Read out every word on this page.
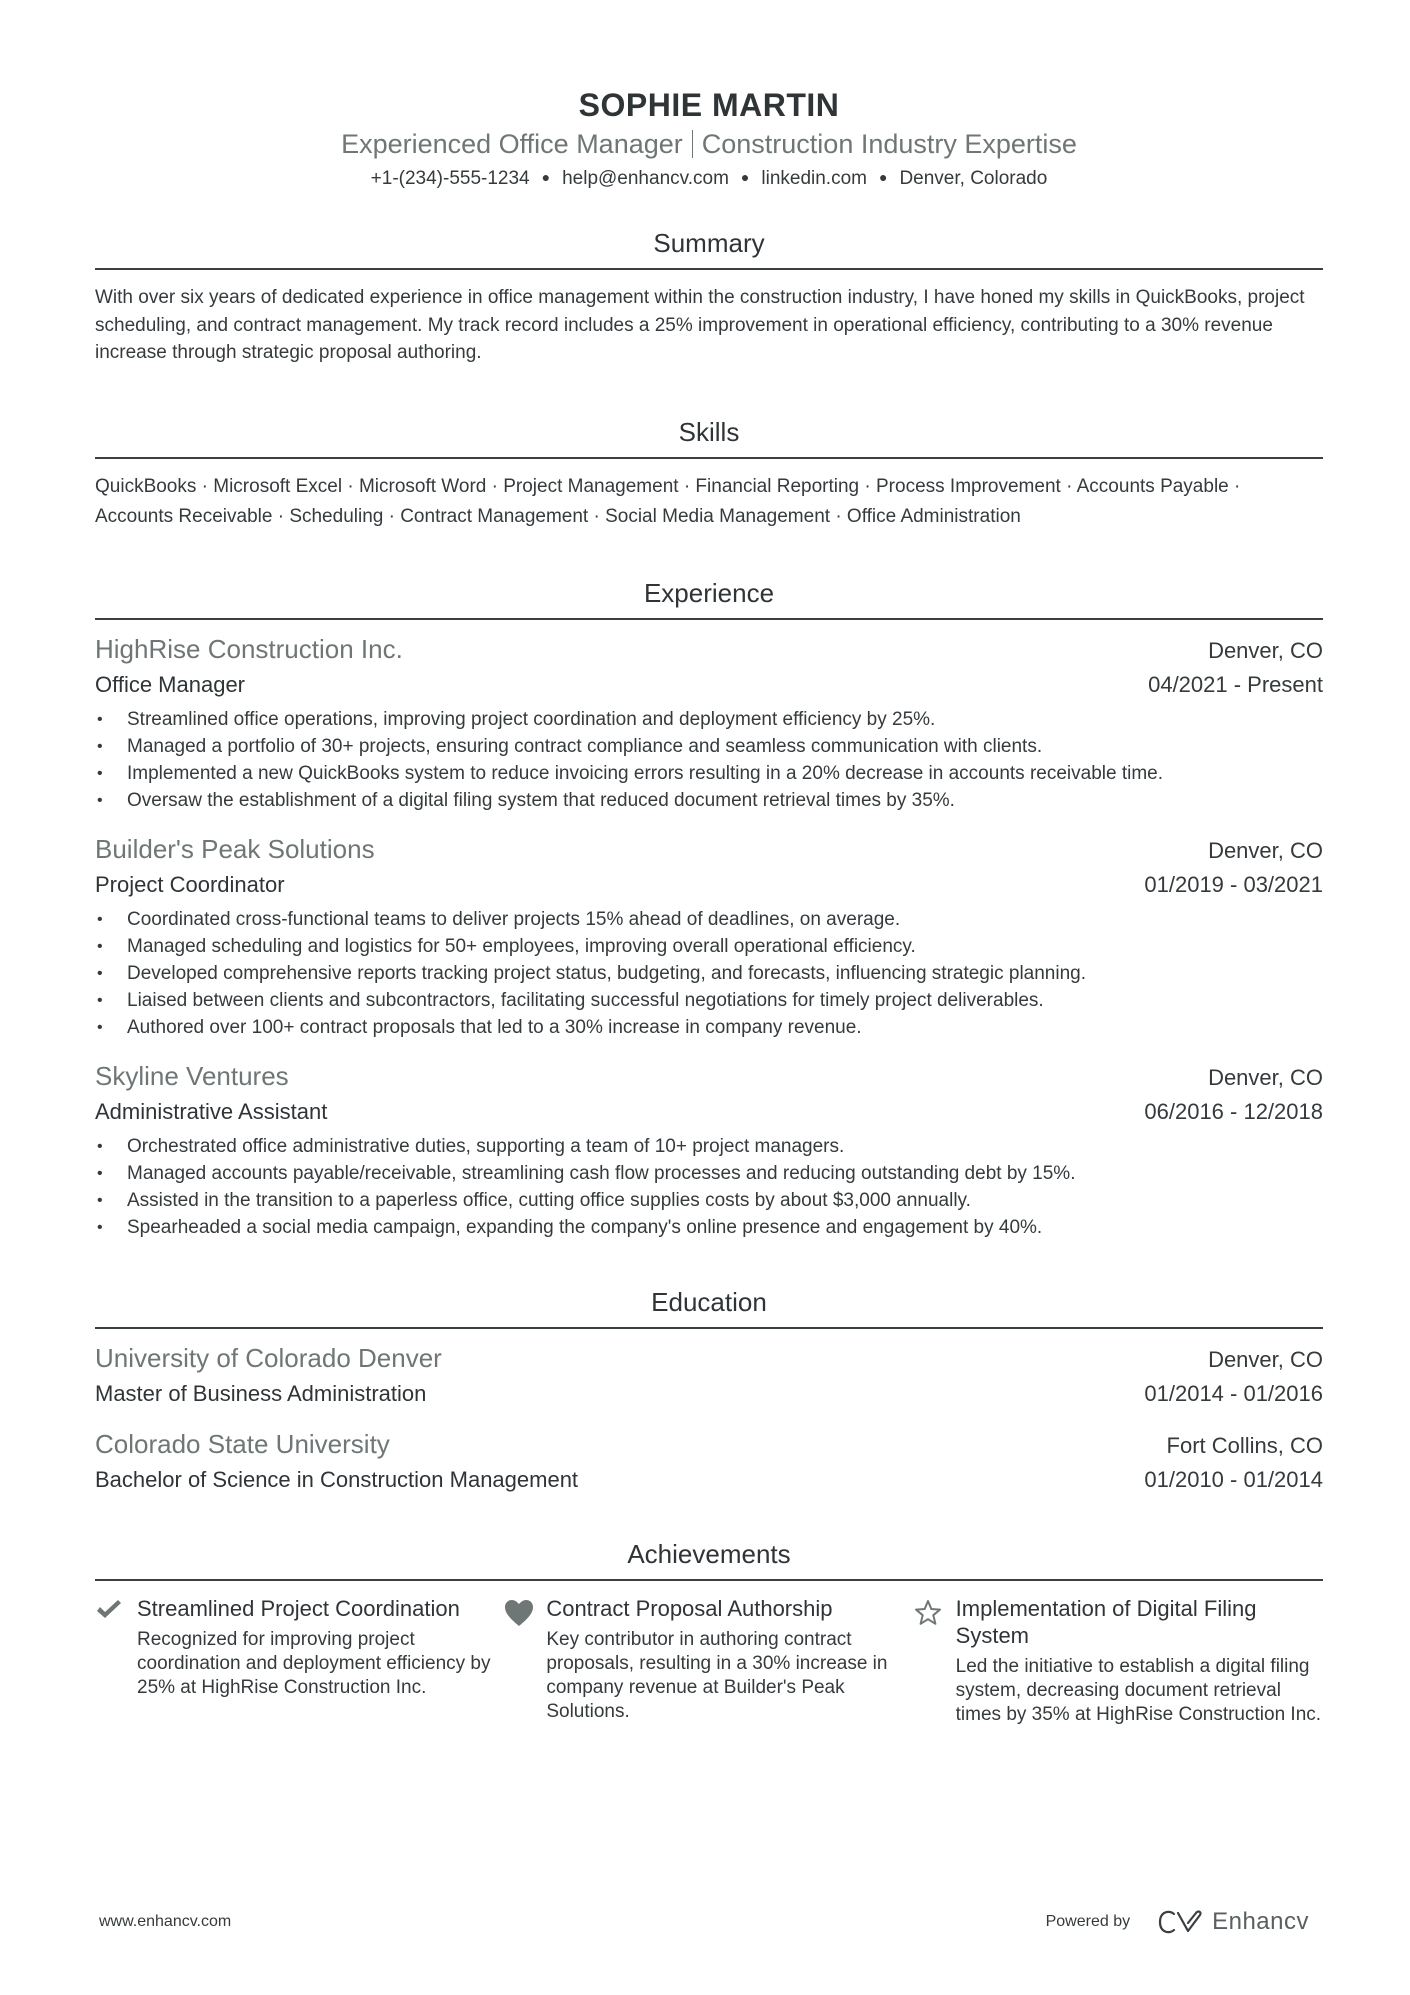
SOPHIE MARTIN
Experienced Office Manager Construction Industry Expertise
+1-(234)-555-1234 ● help@enhancv.com ● linkedin.com ● Denver, Colorado
Summary
With over six years of dedicated experience in office management within the construction industry, I have honed my skills in QuickBooks, project scheduling, and contract management. My track record includes a 25% improvement in operational efficiency, contributing to a 30% revenue increase through strategic proposal authoring.
Skills
QuickBooks · Microsoft Excel · Microsoft Word · Project Management · Financial Reporting · Process Improvement · Accounts Payable ·
Accounts Receivable · Scheduling · Contract Management · Social Media Management · Office Administration
Experience
HighRise Construction Inc.	Denver, CO
Office Manager	04/2021 - Present
• Streamlined office operations, improving project coordination and deployment efficiency by 25%.
• Managed a portfolio of 30+ projects, ensuring contract compliance and seamless communication with clients.
• Implemented a new QuickBooks system to reduce invoicing errors resulting in a 20% decrease in accounts receivable time.
• Oversaw the establishment of a digital filing system that reduced document retrieval times by 35%.
Builder's Peak Solutions	Denver, CO
Project Coordinator	01/2019 - 03/2021
• Coordinated cross-functional teams to deliver projects 15% ahead of deadlines, on average.
• Managed scheduling and logistics for 50+ employees, improving overall operational efficiency.
• Developed comprehensive reports tracking project status, budgeting, and forecasts, influencing strategic planning.
• Liaised between clients and subcontractors, facilitating successful negotiations for timely project deliverables.
• Authored over 100+ contract proposals that led to a 30% increase in company revenue.
Skyline Ventures	Denver, CO
Administrative Assistant	06/2016 - 12/2018
• Orchestrated office administrative duties, supporting a team of 10+ project managers.
• Managed accounts payable/receivable, streamlining cash flow processes and reducing outstanding debt by 15%.
• Assisted in the transition to a paperless office, cutting office supplies costs by about $3,000 annually.
• Spearheaded a social media campaign, expanding the company's online presence and engagement by 40%.
Education
University of Colorado Denver	Denver, CO
Master of Business Administration	01/2014 - 01/2016
Colorado State University	Fort Collins, CO
Bachelor of Science in Construction Management	01/2010 - 01/2014
Achievements
Streamlined Project Coordination
Recognized for improving project coordination and deployment efficiency by 25% at HighRise Construction Inc.
Contract Proposal Authorship
Key contributor in authoring contract proposals, resulting in a 30% increase in company revenue at Builder's Peak Solutions.
Implementation of Digital Filing System
Led the initiative to establish a digital filing system, decreasing document retrieval times by 35% at HighRise Construction Inc.
www.enhancv.com	Powered by	Enhancv
